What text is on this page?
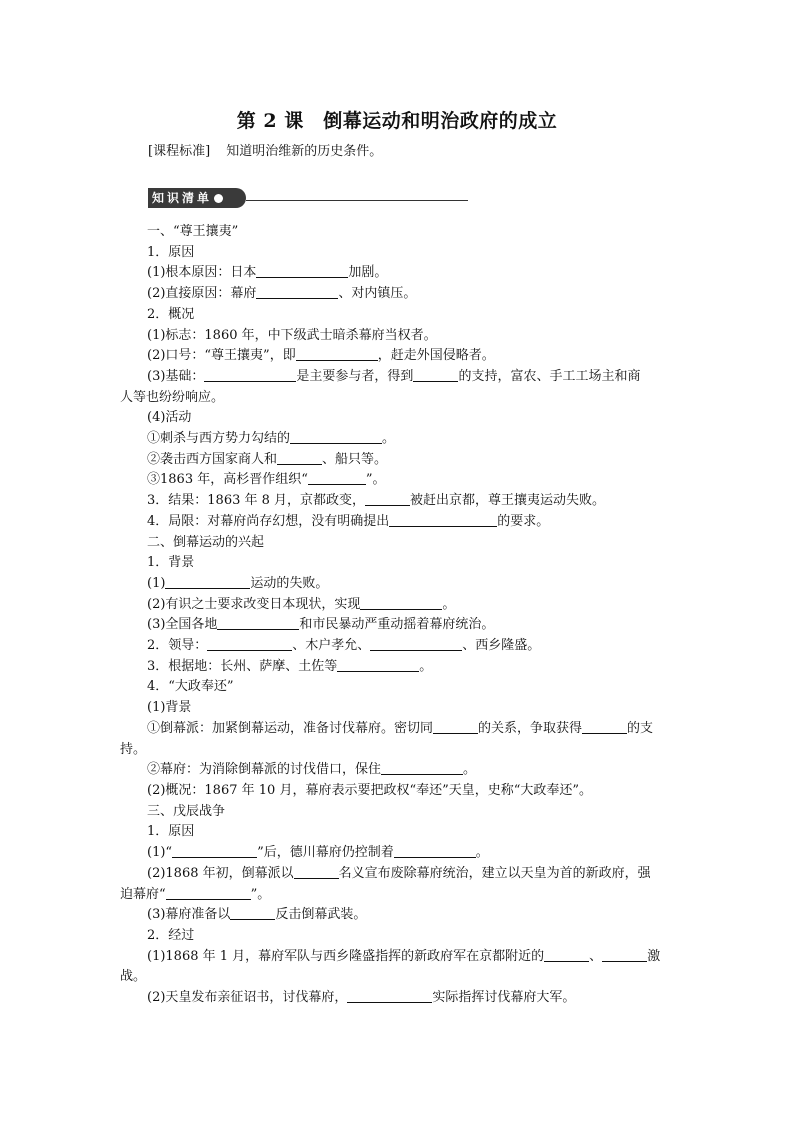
第 2 课　倒幕运动和明治政府的成立
[课程标准] 知道明治维新的历史条件。
知识清单
一、“尊王攘夷”
1．原因
(1)根本原因：日本	加剧。
(2)直接原因：幕府	、对内镇压。
2．概况
(1)标志：1860 年，中下级武士暗杀幕府当权者。
(2)口号：“尊王攘夷”，即	，赶走外国侵略者。
(3)基础：	是主要参与者，得到	的支持，富农、手工工场主和商
人等也纷纷响应。
(4)活动
①刺杀与西方势力勾结的	。
②袭击西方国家商人和	、船只等。
③1863 年，高杉晋作组织“	”。
3．结果：1863 年 8 月，京都政变，	被赶出京都，尊王攘夷运动失败。
4．局限：对幕府尚存幻想，没有明确提出	的要求。
二、倒幕运动的兴起
1．背景
(1)	运动的失败。
(2)有识之士要求改变日本现状，实现	。
(3)全国各地	和市民暴动严重动摇着幕府统治。
2．领导：	、木户孝允、	、西乡隆盛。
3．根据地：长州、萨摩、土佐等	。
4．“大政奉还”
(1)背景
①倒幕派：加紧倒幕运动，准备讨伐幕府。密切同	的关系，争取获得	的支
持。
②幕府：为消除倒幕派的讨伐借口，保住	。
(2)概况：1867 年 10 月，幕府表示要把政权“奉还”天皇，史称“大政奉还”。
三、戊辰战争
1．原因
(1)“	”后，德川幕府仍控制着	。
(2)1868 年初，倒幕派以	名义宣布废除幕府统治，建立以天皇为首的新政府，强
迫幕府“	”。
(3)幕府准备以	反击倒幕武装。
2．经过
(1)1868 年 1 月，幕府军队与西乡隆盛指挥的新政府军在京都附近的	、	激
战。
(2)天皇发布亲征诏书，讨伐幕府，	实际指挥讨伐幕府大军。
